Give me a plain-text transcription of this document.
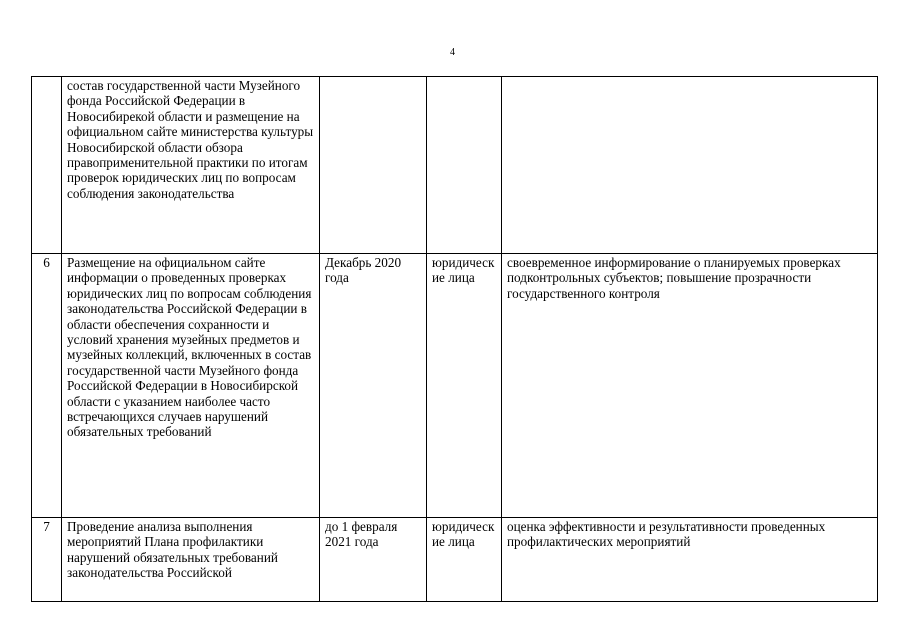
4
	состав государственной части Музейного фонда Российской Федерации в Новосибирекой области и размещение на официальном сайте министерства культуры Новосибирской области обзора правоприменительной практики по итогам проверок юридических лиц по вопросам соблюдения законодательства			
6	Размещение на официальном сайте информации о проведенных проверках юридических лиц по вопросам соблюдения законодательства Российской Федерации в области обеспечения сохранности и условий хранения музейных предметов и музейных коллекций, включенных в состав государственной части Музейного фонда Российской Федерации в Новосибирской области с указанием наиболее часто встречающихся случаев нарушений обязательных требований	Декабрь 2020 года	юридические лица	своевременное информирование о планируемых проверках подконтрольных субъектов; повышение прозрачности государственного контроля
7	Проведение анализа выполнения мероприятий Плана профилактики нарушений обязательных требований законодательства Российской	до 1 февраля 2021 года	юридические лица	оценка эффективности и результативности проведенных профилактических мероприятий
